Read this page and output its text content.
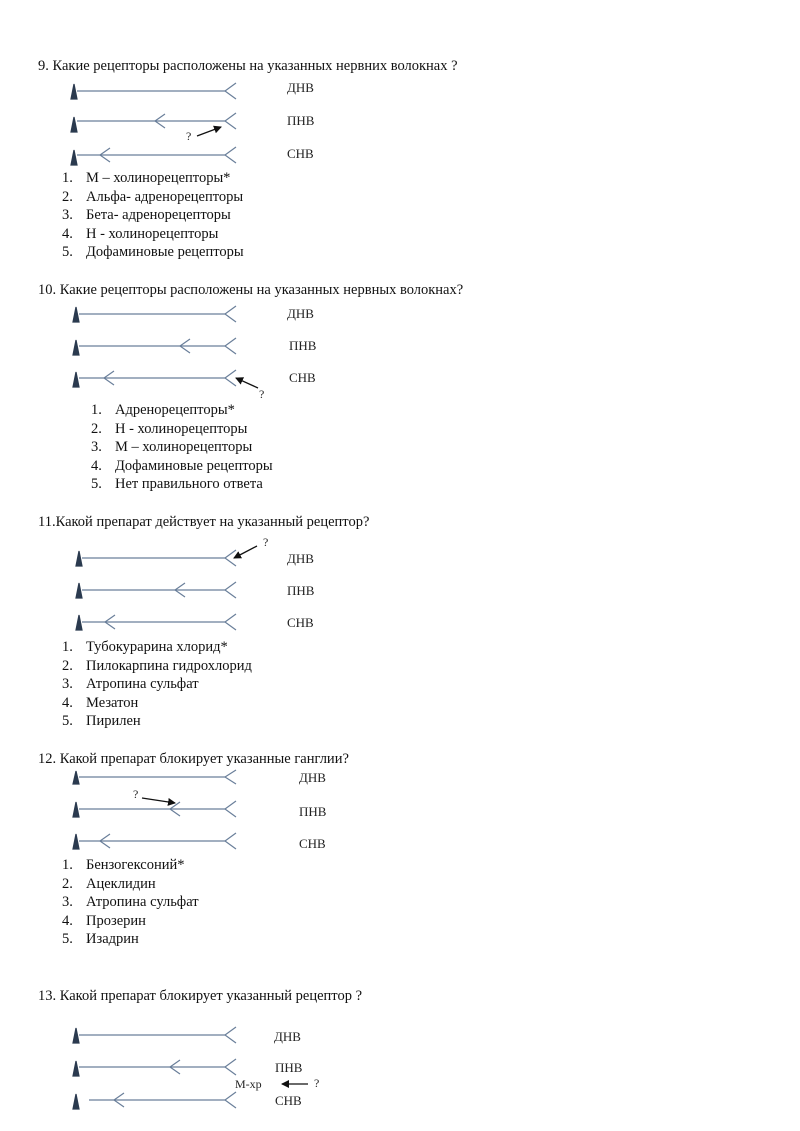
9. Какие рецепторы расположены на указанных нервних волокнах ?
10. Какие рецепторы расположены на указанных нервных волокнах?
11.Какой препарат действует на указанный рецептор?
12. Какой препарат блокирует указанные ганглии?
13. Какой препарат блокирует указанный рецептор ?
?
ДНВ
ПНВ
СНВ
?
ДНВ
ПНВ
СНВ
?
ДНВ
ПНВ
СНВ
?
ДНВ
ПНВ
СНВ
ДНВ
ПНВ
М-хр	?
СНВ
1. М – холинорецепторы*
2. Альфа- адренорецепторы
3. Бета- адренорецепторы
4. Н - холинорецепторы
5. Дофаминовые рецепторы
1. Адренорецепторы*
2. Н - холинорецепторы
3. М – холинорецепторы
4. Дофаминовые рецепторы
5. Нет правильного ответа
1. Тубокурарина хлорид*
2. Пилокарпина гидрохлорид
3. Атропина сульфат
4. Мезатон
5. Пирилен
1. Бензогексоний*
2. Ацеклидин
3. Атропина сульфат
4. Прозерин
5. Изадрин
